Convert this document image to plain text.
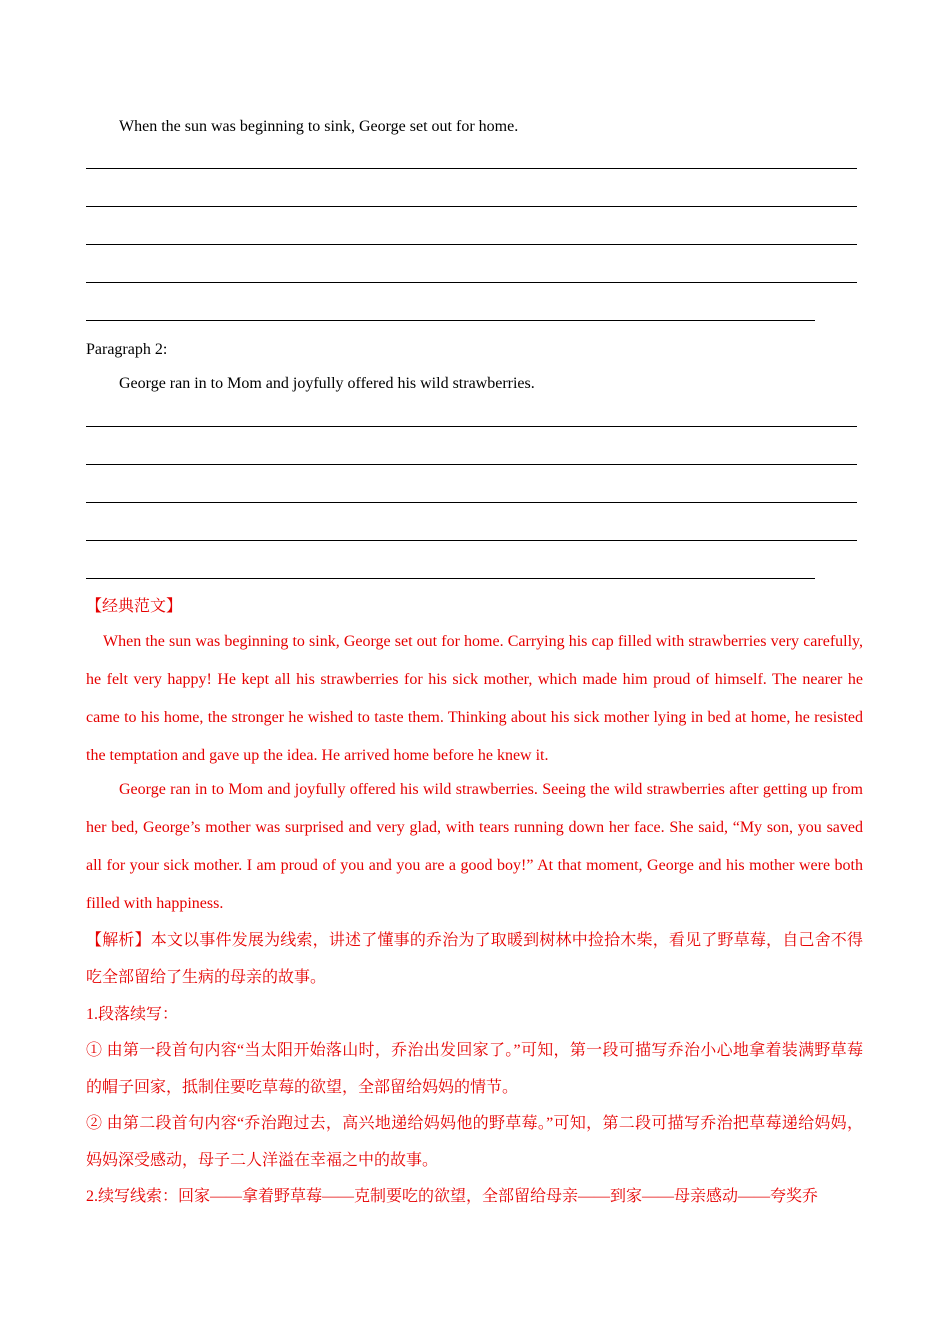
When the sun was beginning to sink, George set out for home.
Paragraph 2:
George ran in to Mom and joyfully offered his wild strawberries.
【经典范文】

When the sun was beginning to sink, George set out for home. Carrying his cap filled with strawberries very carefully, he felt very happy! He kept all his strawberries for his sick mother, which made him proud of himself. The nearer he came to his home, the stronger he wished to taste them. Thinking about his sick mother lying in bed at home, he resisted the temptation and gave up the idea. He arrived home before he knew it.

George ran in to Mom and joyfully offered his wild strawberries. Seeing the wild strawberries after getting up from her bed, George’s mother was surprised and very glad, with tears running down her face. She said, “My son, you saved all for your sick mother. I am proud of you and you are a good boy!” At that moment, George and his mother were both filled with happiness.

【解析】本文以事件发展为线索，讲述了懂事的乔治为了取暖到树林中捡拾木柴，看见了野草莓，自己舍不得吃全部留给了生病的母亲的故事。

1.段落续写：

① 由第一段首句内容“当太阳开始落山时，乔治出发回家了。”可知，第一段可描写乔治小心地拿着装满野草莓的帽子回家，抵制住要吃草莓的欲望，全部留给妈妈的情节。

② 由第二段首句内容“乔治跑过去，高兴地递给妈妈他的野草莓。”可知，第二段可描写乔治把草莓递给妈妈，妈妈深受感动，母子二人洋溢在幸福之中的故事。

2.续写线索：回家——拿着野草莓——克制要吃的欲望，全部留给母亲——到家——母亲感动——夸奖乔
